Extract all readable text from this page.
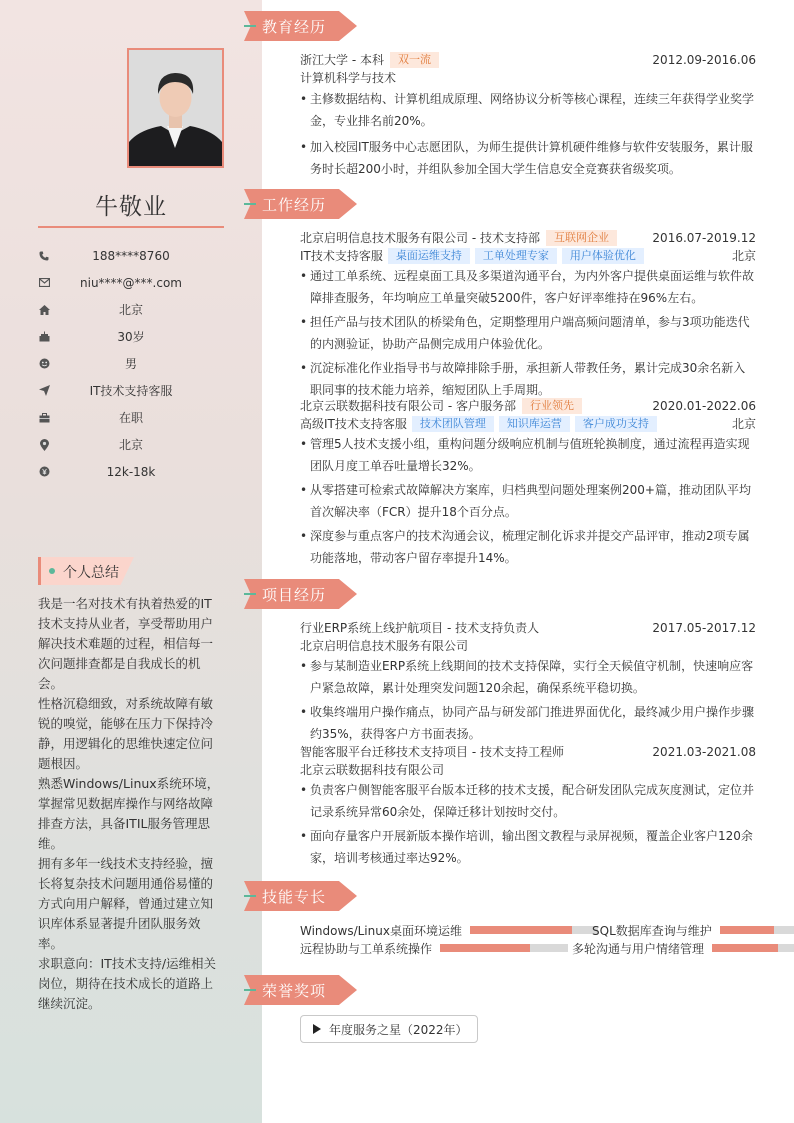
牛敬业
188****8760
niu****@***.com
北京
30岁
男
IT技术支持客服
在职
北京
12k-18k
个人总结

我是一名对技术有执着热爱的IT技术支持从业者，享受帮助用户解决技术难题的过程，相信每一次问题排查都是自我成长的机会。

性格沉稳细致，对系统故障有敏锐的嗅觉，能够在压力下保持冷静，用逻辑化的思维快速定位问题根因。

熟悉Windows/Linux系统环境，掌握常见数据库操作与网络故障排查方法，具备ITIL服务管理思维。

拥有多年一线技术支持经验，擅长将复杂技术问题用通俗易懂的方式向用户解释，曾通过建立知识库体系显著提升团队服务效率。

求职意向：IT技术支持/运维相关岗位，期待在技术成长的道路上继续沉淀。

教育经历
浙江大学 - 本科	双一流	2012.09-2016.06
计算机科学与技术
• 主修数据结构、计算机组成原理、网络协议分析等核心课程，连续三年获得学业奖学金，专业排名前20%。
• 加入校园IT服务中心志愿团队，为师生提供计算机硬件维修与软件安装服务，累计服务时长超200小时，并组队参加全国大学生信息安全竞赛获省级奖项。
工作经历
北京启明信息技术服务有限公司 - 技术支持部	互联网企业	2016.07-2019.12
IT技术支持客服	桌面运维支持	工单处理专家	用户体验优化	北京
• 通过工单系统、远程桌面工具及多渠道沟通平台，为内外客户提供桌面运维与软件故障排查服务，年均响应工单量突破5200件，客户好评率维持在96%左右。
• 担任产品与技术团队的桥梁角色，定期整理用户端高频问题清单，参与3项功能迭代的内测验证，协助产品侧完成用户体验优化。
• 沉淀标准化作业指导书与故障排除手册，承担新人带教任务，累计完成30余名新入职同事的技术能力培养，缩短团队上手周期。
北京云联数据科技有限公司 - 客户服务部	行业领先	2020.01-2022.06
高级IT技术支持客服	技术团队管理	知识库运营	客户成功支持	北京
• 管理5人技术支援小组，重构问题分级响应机制与值班轮换制度，通过流程再造实现团队月度工单吞吐量增长32%。
• 从零搭建可检索式故障解决方案库，归档典型问题处理案例200+篇，推动团队平均首次解决率（FCR）提升18个百分点。
• 深度参与重点客户的技术沟通会议，梳理定制化诉求并提交产品评审，推动2项专属功能落地，带动客户留存率提升14%。
项目经历
行业ERP系统上线护航项目 - 技术支持负责人	2017.05-2017.12
北京启明信息技术服务有限公司
• 参与某制造业ERP系统上线期间的技术支持保障，实行全天候值守机制，快速响应客户紧急故障，累计处理突发问题120余起，确保系统平稳切换。
• 收集终端用户操作痛点，协同产品与研发部门推进界面优化，最终减少用户操作步骤约35%，获得客户方书面表扬。
智能客服平台迁移技术支持项目 - 技术支持工程师	2021.03-2021.08
北京云联数据科技有限公司
• 负责客户侧智能客服平台版本迁移的技术支援，配合研发团队完成灰度测试，定位并记录系统异常60余处，保障迁移计划按时交付。
• 面向存量客户开展新版本操作培训，输出图文教程与录屏视频，覆盖企业客户120余家，培训考核通过率达92%。
技能专长
Windows/Linux桌面环境运维	SQL数据库查询与维护
远程协助与工单系统操作	多轮沟通与用户情绪管理
荣誉奖项
年度服务之星（2022年）
